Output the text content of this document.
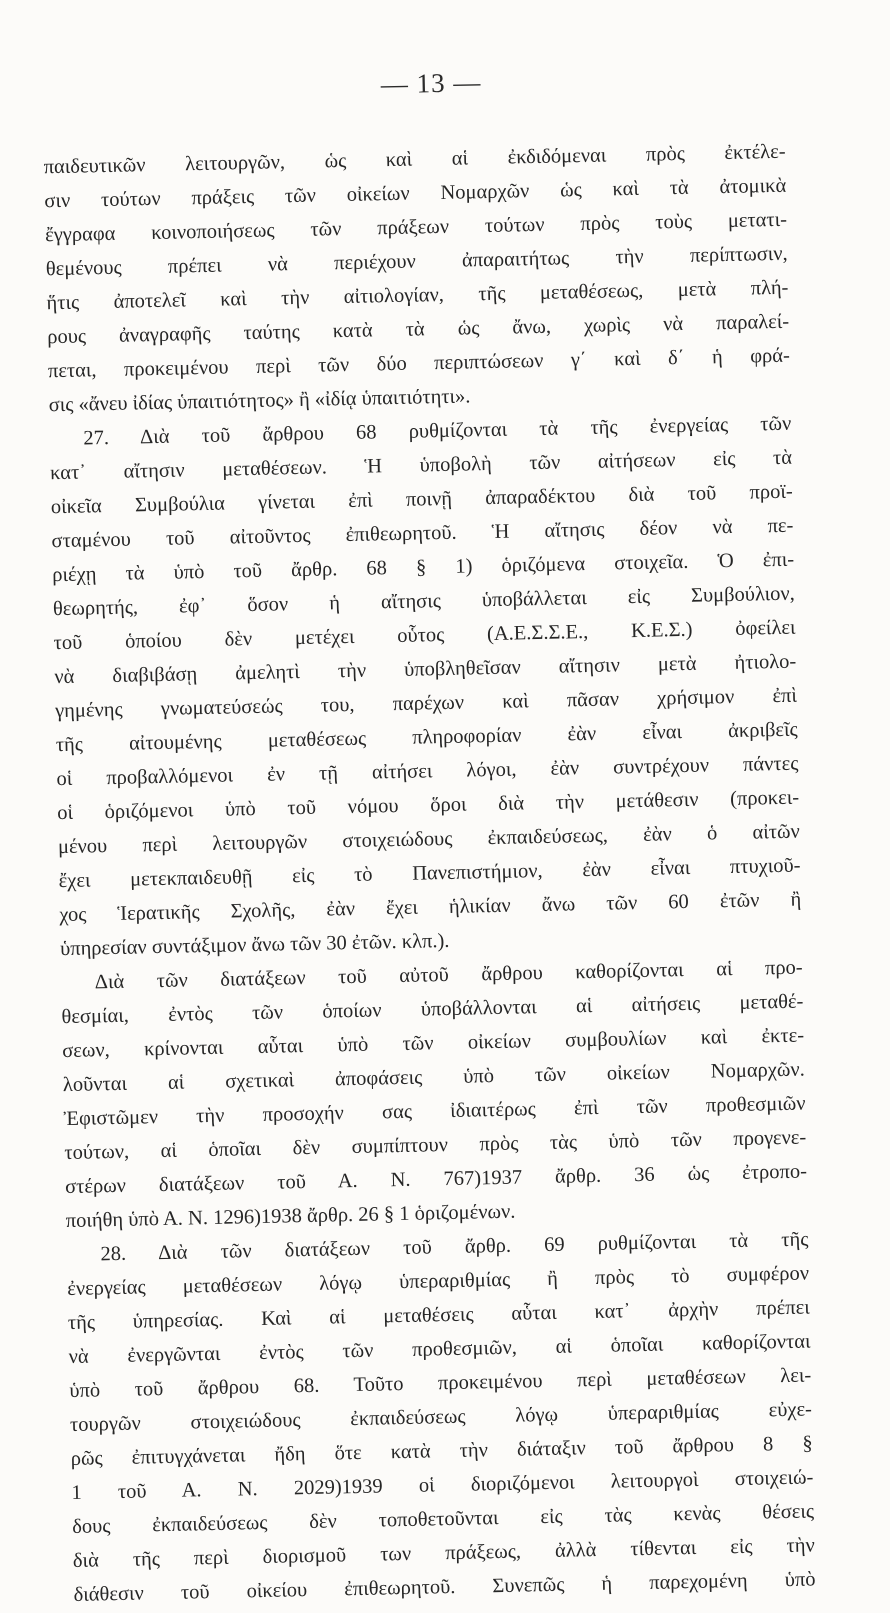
— 13 —
παιδευτικῶν λειτουργῶν, ὡς καὶ αἱ ἐκδιδόμεναι πρὸς ἐκτέλε-
σιν τούτων πράξεις τῶν οἰκείων Νομαρχῶν ὡς καὶ τὰ ἀτομικὰ
ἔγγραφα κοινοποιήσεως τῶν πράξεων τούτων πρὸς τοὺς μετατι-
θεμένους πρέπει νὰ περιέχουν ἀπαραιτήτως τὴν περίπτωσιν,
ἥτις ἀποτελεῖ καὶ τὴν αἰτιολογίαν, τῆς μεταθέσεως, μετὰ πλή-
ρους ἀναγραφῆς ταύτης κατὰ τὰ ὡς ἄνω, χωρὶς νὰ παραλεί-
πεται, προκειμένου περὶ τῶν δύο περιπτώσεων γ΄ καὶ δ΄ ἡ φρά-
σις «ἄνευ ἰδίας ὑπαιτιότητος» ἢ «ἰδίᾳ ὑπαιτιότητι».
27. Διὰ τοῦ ἄρθρου 68 ρυθμίζονται τὰ τῆς ἐνεργείας τῶν
κατ᾽ αἴτησιν μεταθέσεων. Ἡ ὑποβολὴ τῶν αἰτήσεων εἰς τὰ
οἰκεῖα Συμβούλια γίνεται ἐπὶ ποινῇ ἀπαραδέκτου διὰ τοῦ προϊ-
σταμένου τοῦ αἰτοῦντος ἐπιθεωρητοῦ. Ἡ αἴτησις δέον νὰ πε-
ριέχῃ τὰ ὑπὸ τοῦ ἄρθρ. 68 § 1) ὁριζόμενα στοιχεῖα. Ὁ ἐπι-
θεωρητής, ἐφ᾽ ὅσον ἡ αἴτησις ὑποβάλλεται εἰς Συμβούλιον,
τοῦ ὁποίου δὲν μετέχει οὗτος (Α.Ε.Σ.Σ.Ε., Κ.Ε.Σ.) ὀφείλει
νὰ διαβιβάσῃ ἀμελητὶ τὴν ὑποβληθεῖσαν αἴτησιν μετὰ ἠτιολο-
γημένης γνωματεύσεώς του, παρέχων καὶ πᾶσαν χρήσιμον ἐπὶ
τῆς αἰτουμένης μεταθέσεως πληροφορίαν ἐὰν εἶναι ἀκριβεῖς
οἱ προβαλλόμενοι ἐν τῇ αἰτήσει λόγοι, ἐὰν συντρέχουν πάντες
οἱ ὁριζόμενοι ὑπὸ τοῦ νόμου ὅροι διὰ τὴν μετάθεσιν (προκει-
μένου περὶ λειτουργῶν στοιχειώδους ἐκπαιδεύσεως, ἐὰν ὁ αἰτῶν
ἔχει μετεκπαιδευθῇ εἰς τὸ Πανεπιστήμιον, ἐὰν εἶναι πτυχιοῦ-
χος Ἱερατικῆς Σχολῆς, ἐὰν ἔχει ἡλικίαν ἄνω τῶν 60 ἐτῶν ἢ
ὑπηρεσίαν συντάξιμον ἄνω τῶν 30 ἐτῶν. κλπ.).
Διὰ τῶν διατάξεων τοῦ αὐτοῦ ἄρθρου καθορίζονται αἱ προ-
θεσμίαι, ἐντὸς τῶν ὁποίων ὑποβάλλονται αἱ αἰτήσεις μεταθέ-
σεων, κρίνονται αὗται ὑπὸ τῶν οἰκείων συμβουλίων καὶ ἐκτε-
λοῦνται αἱ σχετικαὶ ἀποφάσεις ὑπὸ τῶν οἰκείων Νομαρχῶν.
Ἐφιστῶμεν τὴν προσοχήν σας ἰδιαιτέρως ἐπὶ τῶν προθεσμιῶν
τούτων, αἱ ὁποῖαι δὲν συμπίπτουν πρὸς τὰς ὑπὸ τῶν προγενε-
στέρων διατάξεων τοῦ Α. Ν. 767)1937 ἄρθρ. 36 ὡς ἐτροπο-
ποιήθη ὑπὸ Α. Ν. 1296)1938 ἄρθρ. 26 § 1 ὁριζομένων.
28. Διὰ τῶν διατάξεων τοῦ ἄρθρ. 69 ρυθμίζονται τὰ τῆς
ἐνεργείας μεταθέσεων λόγῳ ὑπεραριθμίας ἢ πρὸς τὸ συμφέρον
τῆς ὑπηρεσίας. Καὶ αἱ μεταθέσεις αὗται κατ᾽ ἀρχὴν πρέπει
νὰ ἐνεργῶνται ἐντὸς τῶν προθεσμιῶν, αἱ ὁποῖαι καθορίζονται
ὑπὸ τοῦ ἄρθρου 68. Τοῦτο προκειμένου περὶ μεταθέσεων λει-
τουργῶν στοιχειώδους ἐκπαιδεύσεως λόγῳ ὑπεραριθμίας εὐχε-
ρῶς ἐπιτυγχάνεται ἤδη ὅτε κατὰ τὴν διάταξιν τοῦ ἄρθρου 8 §
1 τοῦ Α. Ν. 2029)1939 οἱ διοριζόμενοι λειτουργοὶ στοιχειώ-
δους ἐκπαιδεύσεως δὲν τοποθετοῦνται εἰς τὰς κενὰς θέσεις
διὰ τῆς περὶ διορισμοῦ των πράξεως, ἀλλὰ τίθενται εἰς τὴν
διάθεσιν τοῦ οἰκείου ἐπιθεωρητοῦ. Συνεπῶς ἡ παρεχομένη ὑπὸ
